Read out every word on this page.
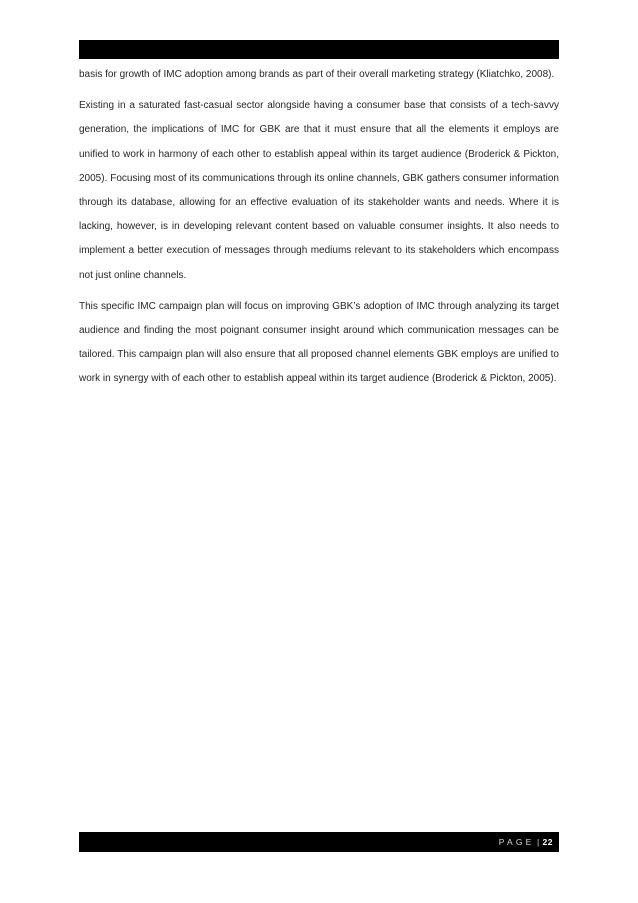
basis for growth of IMC adoption among brands as part of their overall marketing strategy (Kliatchko, 2008).

Existing in a saturated fast-casual sector alongside having a consumer base that consists of a tech-savvy generation, the implications of IMC for GBK are that it must ensure that all the elements it employs are unified to work in harmony of each other to establish appeal within its target audience (Broderick & Pickton, 2005). Focusing most of its communications through its online channels, GBK gathers consumer information through its database, allowing for an effective evaluation of its stakeholder wants and needs. Where it is lacking, however, is in developing relevant content based on valuable consumer insights. It also needs to implement a better execution of messages through mediums relevant to its stakeholders which encompass not just online channels.

This specific IMC campaign plan will focus on improving GBK’s adoption of IMC through analyzing its target audience and finding the most poignant consumer insight around which communication messages can be tailored. This campaign plan will also ensure that all proposed channel elements GBK employs are unified to work in synergy with of each other to establish appeal within its target audience (Broderick & Pickton, 2005).

PAGE | 22
